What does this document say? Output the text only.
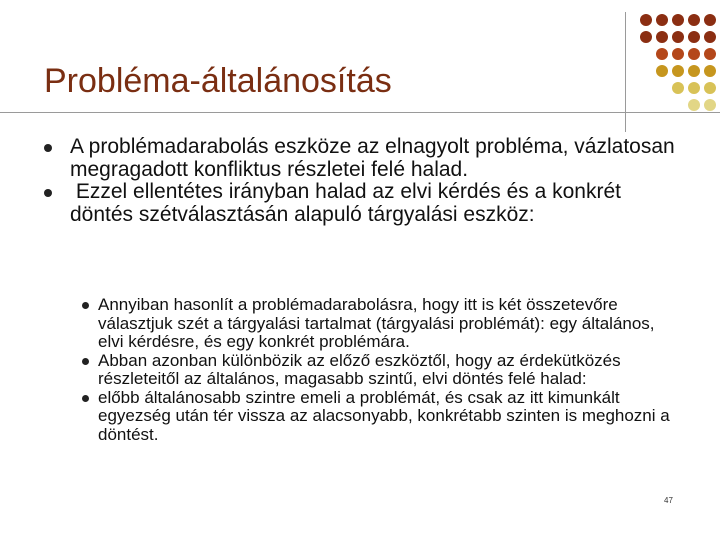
Probléma-általánosítás
A problémadarabolás eszköze az elnagyolt probléma, vázlatosan megragadott konfliktus részletei felé halad.
Ezzel ellentétes irányban halad az elvi kérdés és a konkrét döntés szétválasztásán alapuló tárgyalási eszköz:
Annyiban hasonlít a problémadarabolásra, hogy itt is két összetevőre választjuk szét a tárgyalási tartalmat (tárgyalási problémát): egy általános, elvi kérdésre, és egy konkrét problémára.
Abban azonban különbözik az előző eszköztől, hogy az érdekütközés részleteitől az általános, magasabb szintű, elvi döntés felé halad:
előbb általánosabb szintre emeli a problémát, és csak az itt kimunkált egyezség után tér vissza az alacsonyabb, konkrétabb szinten is meghozni a döntést.
47
